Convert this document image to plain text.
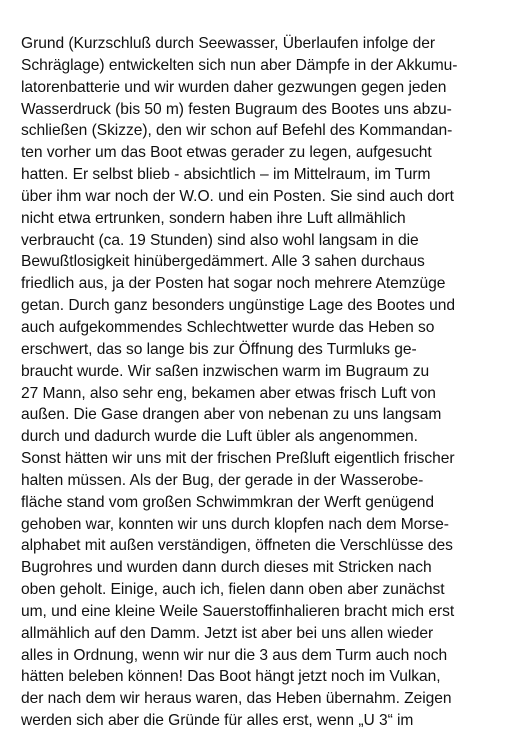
Grund (Kurzschluß durch Seewasser, Überlaufen infolge der
Schräglage) entwickelten sich nun aber Dämpfe in der Akkumu-
latorenbatterie und wir wurden daher gezwungen gegen jeden
Wasserdruck (bis 50 m) festen Bugraum des Bootes uns abzu-
schließen (Skizze), den wir schon auf Befehl des Kommandan-
ten vorher um das Boot etwas gerader zu legen, aufgesucht
hatten. Er selbst blieb - absichtlich – im Mittelraum, im Turm
über ihm war noch der W.O. und ein Posten. Sie sind auch dort
nicht etwa ertrunken, sondern haben ihre Luft allmählich
verbraucht (ca. 19 Stunden) sind also wohl langsam in die
Bewußtlosigkeit hinübergedämmert. Alle 3 sahen durchaus
friedlich aus, ja der Posten hat sogar noch mehrere Atemzüge
getan. Durch ganz besonders ungünstige Lage des Bootes und
auch aufgekommendes Schlechtwetter wurde das Heben so
erschwert, das so lange bis zur Öffnung des Turmluks ge-
braucht wurde. Wir saßen inzwischen warm im Bugraum zu
27 Mann, also sehr eng, bekamen aber etwas frisch Luft von
außen. Die Gase drangen aber von nebenan zu uns langsam
durch und dadurch wurde die Luft übler als angenommen.
Sonst hätten wir uns mit der frischen Preßluft eigentlich frischer
halten müssen. Als der Bug, der gerade in der Wasserobe-
fläche stand vom großen Schwimmkran der Werft genügend
gehoben war, konnten wir uns durch klopfen nach dem Morse-
alphabet mit außen verständigen, öffneten die Verschlüsse des
Bugrohres und wurden dann durch dieses mit Stricken nach
oben geholt. Einige, auch ich, fielen dann oben aber zunächst
um, und eine kleine Weile Sauerstoffinhalieren bracht mich erst
allmählich auf den Damm. Jetzt ist aber bei uns allen wieder
alles in Ordnung, wenn wir nur die 3 aus dem Turm auch noch
hätten beleben können! Das Boot hängt jetzt noch im Vulkan,
der nach dem wir heraus waren, das Heben übernahm. Zeigen
werden sich aber die Gründe für alles erst, wenn „U 3“ im
